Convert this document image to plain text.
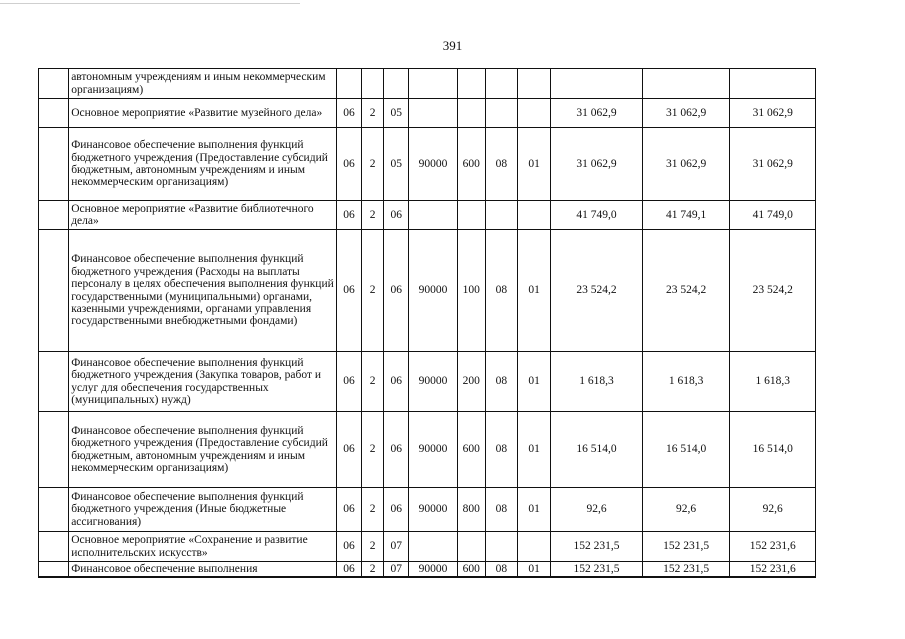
391
	автономным учреждениям и иным некоммерческим организациям)										
	Основное мероприятие «Развитие музейного дела»	06	2	05					31 062,9	31 062,9	31 062,9
	Финансовое обеспечение выполнения функций бюджетного учреждения (Предоставление субсидий бюджетным, автономным учреждениям и иным некоммерческим организациям)	06	2	05	90000	600	08	01	31 062,9	31 062,9	31 062,9
	Основное мероприятие «Развитие библиотечного дела»	06	2	06					41 749,0	41 749,1	41 749,0
	Финансовое обеспечение выполнения функций бюджетного учреждения (Расходы на выплаты персоналу в целях обеспечения выполнения функций государственными (муниципальными) органами, казенными учреждениями, органами управления государственными внебюджетными фондами)	06	2	06	90000	100	08	01	23 524,2	23 524,2	23 524,2
	Финансовое обеспечение выполнения функций бюджетного учреждения (Закупка товаров, работ и услуг для обеспечения государственных (муниципальных) нужд)	06	2	06	90000	200	08	01	1 618,3	1 618,3	1 618,3
	Финансовое обеспечение выполнения функций бюджетного учреждения (Предоставление субсидий бюджетным, автономным учреждениям и иным некоммерческим организациям)	06	2	06	90000	600	08	01	16 514,0	16 514,0	16 514,0
	Финансовое обеспечение выполнения функций бюджетного учреждения (Иные бюджетные ассигнования)	06	2	06	90000	800	08	01	92,6	92,6	92,6
	Основное мероприятие «Сохранение и развитие исполнительских искусств»	06	2	07					152 231,5	152 231,5	152 231,6
	Финансовое обеспечение выполнения	06	2	07	90000	600	08	01	152 231,5	152 231,5	152 231,6
